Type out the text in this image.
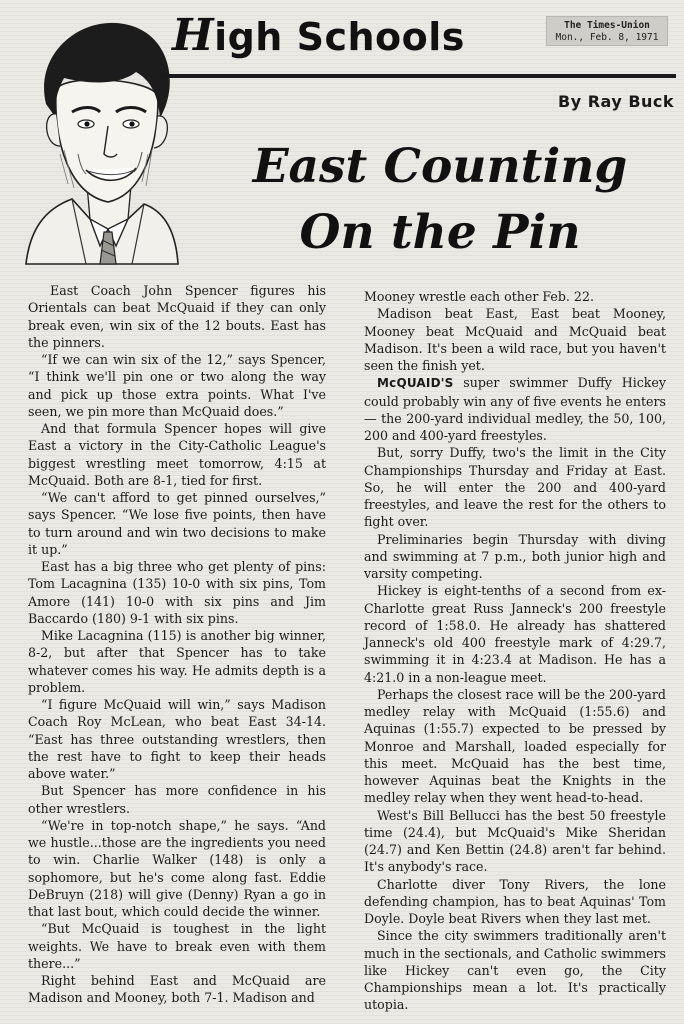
High Schools	The Times-Union
Mon., Feb. 8, 1971
By Ray Buck
East Counting
On the Pin

East Coach John Spencer figures his Orientals can beat McQuaid if they can only break even, win six of the 12 bouts. East has the pinners.

“If we can win six of the 12,” says Spencer, “I think we'll pin one or two along the way and pick up those extra points. What I've seen, we pin more than McQuaid does.”

And that formula Spencer hopes will give East a victory in the City-Catholic League's biggest wrestling meet tomorrow, 4:15 at McQuaid. Both are 8-1, tied for first.

“We can't afford to get pinned ourselves,” says Spencer. “We lose five points, then have to turn around and win two decisions to make it up.”

East has a big three who get plenty of pins: Tom Lacagnina (135) 10-0 with six pins, Tom Amore (141) 10-0 with six pins and Jim Baccardo (180) 9-1 with six pins.

Mike Lacagnina (115) is another big winner, 8-2, but after that Spencer has to take whatever comes his way. He admits depth is a problem.

“I figure McQuaid will win,” says Madison Coach Roy McLean, who beat East 34-14. “East has three outstanding wrestlers, then the rest have to fight to keep their heads above water.”

But Spencer has more confidence in his other wrestlers.

“We're in top-notch shape,” he says. “And we hustle...those are the ingredients you need to win. Charlie Walker (148) is only a sophomore, but he's come along fast. Eddie DeBruyn (218) will give (Denny) Ryan a go in that last bout, which could decide the winner.

“But McQuaid is toughest in the light weights. We have to break even with them there...”

Right behind East and McQuaid are Madison and Mooney, both 7-1. Madison and

Mooney wrestle each other Feb. 22.

Madison beat East, East beat Mooney, Mooney beat McQuaid and McQuaid beat Madison. It's been a wild race, but you haven't seen the finish yet.

McQUAID'S super swimmer Duffy Hickey could probably win any of five events he enters — the 200-yard individual medley, the 50, 100, 200 and 400-yard freestyles.

But, sorry Duffy, two's the limit in the City Championships Thursday and Friday at East. So, he will enter the 200 and 400-yard freestyles, and leave the rest for the others to fight over.

Preliminaries begin Thursday with diving and swimming at 7 p.m., both junior high and varsity competing.

Hickey is eight-tenths of a second from ex-Charlotte great Russ Janneck's 200 freestyle record of 1:58.0. He already has shattered Janneck's old 400 freestyle mark of 4:29.7, swimming it in 4:23.4 at Madison. He has a 4:21.0 in a non-league meet.

Perhaps the closest race will be the 200-yard medley relay with McQuaid (1:55.6) and Aquinas (1:55.7) expected to be pressed by Monroe and Marshall, loaded especially for this meet. McQuaid has the best time, however Aquinas beat the Knights in the medley relay when they went head-to-head.

West's Bill Bellucci has the best 50 freestyle time (24.4), but McQuaid's Mike Sheridan (24.7) and Ken Bettin (24.8) aren't far behind. It's anybody's race.

Charlotte diver Tony Rivers, the lone defending champion, has to beat Aquinas' Tom Doyle. Doyle beat Rivers when they last met.

Since the city swimmers traditionally aren't much in the sectionals, and Catholic swimmers like Hickey can't even go, the City Championships mean a lot. It's practically utopia.
